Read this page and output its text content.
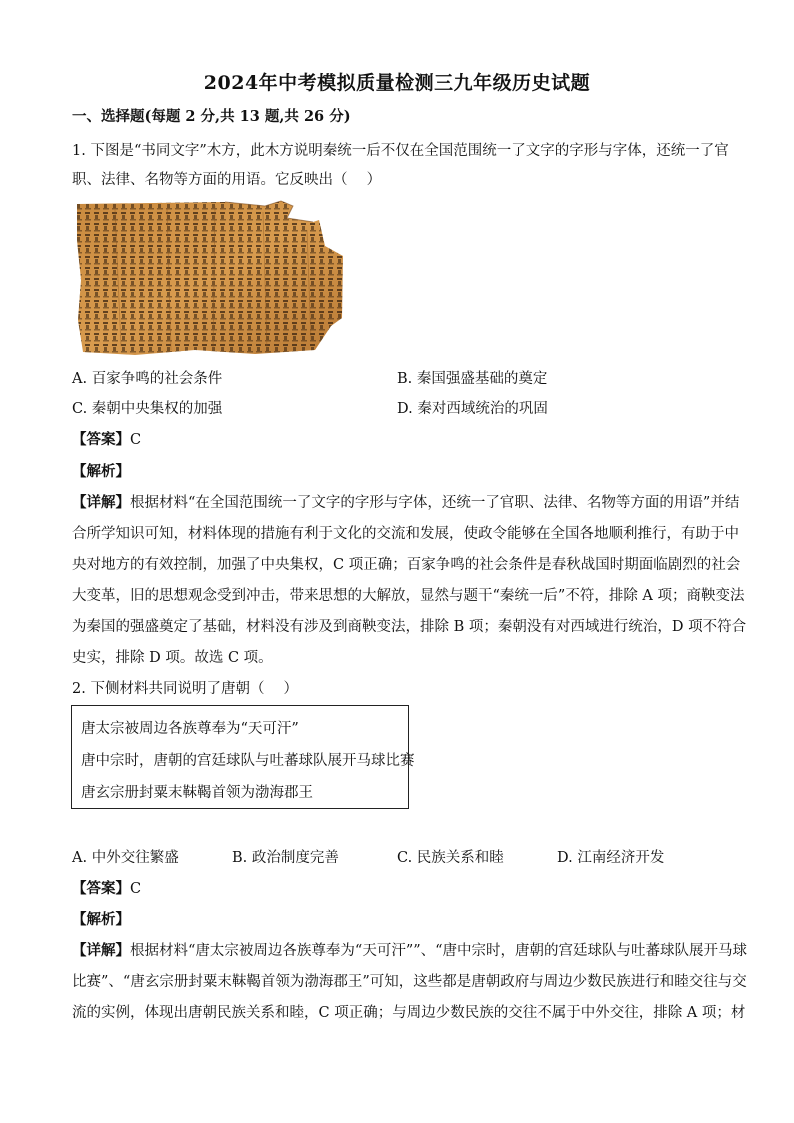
2024年中考模拟质量检测三九年级历史试题
一、选择题(每题 2 分,共 13 题,共 26 分)
1. 下图是“书同文字”木方，此木方说明秦统一后不仅在全国范围统一了文字的字形与字体，还统一了官
职、法律、名物等方面的用语。它反映出（　 ）
A. 百家争鸣的社会条件	B. 秦国强盛基础的奠定
C. 秦朝中央集权的加强	D. 秦对西域统治的巩固
【答案】C
【解析】
【详解】根据材料“在全国范围统一了文字的字形与字体，还统一了官职、法律、名物等方面的用语”并结
合所学知识可知，材料体现的措施有利于文化的交流和发展，使政令能够在全国各地顺利推行，有助于中
央对地方的有效控制，加强了中央集权，C 项正确；百家争鸣的社会条件是春秋战国时期面临剧烈的社会
大变革，旧的思想观念受到冲击，带来思想的大解放，显然与题干“秦统一后”不符，排除 A 项；商鞅变法
为秦国的强盛奠定了基础，材料没有涉及到商鞅变法，排除 B 项；秦朝没有对西域进行统治，D 项不符合
史实，排除 D 项。故选 C 项。
2. 下侧材料共同说明了唐朝（　 ）
唐太宗被周边各族尊奉为“天可汗”
唐中宗时，唐朝的宫廷球队与吐蕃球队展开马球比赛
唐玄宗册封粟末靺鞨首领为渤海郡王
A. 中外交往繁盛	B. 政治制度完善	C. 民族关系和睦	D. 江南经济开发
【答案】C
【解析】
【详解】根据材料“唐太宗被周边各族尊奉为“天可汗””、“唐中宗时，唐朝的宫廷球队与吐蕃球队展开马球
比赛”、“唐玄宗册封粟末靺鞨首领为渤海郡王”可知，这些都是唐朝政府与周边少数民族进行和睦交往与交
流的实例，体现出唐朝民族关系和睦，C 项正确；与周边少数民族的交往不属于中外交往，排除 A 项；材
